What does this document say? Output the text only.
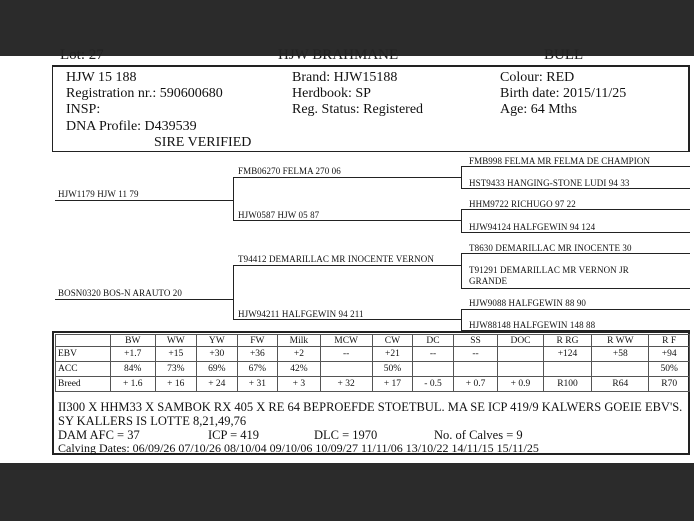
Lot: 27	HJW BRAHMANE	BULL
HJW 15 188
Registration nr.: 590600680
INSP:
DNA Profile: D439539
SIRE VERIFIED
Brand: HJW15188
Herdbook: SP
Reg. Status: Registered
Colour: RED
Birth date: 2015/11/25
Age: 64 Mths
HJW1179 HJW 11 79
FMB06270 FELMA 270 06
HJW0587 HJW 05 87
BOSN0320 BOS-N ARAUTO 20
T94412 DEMARILLAC MR INOCENTE VERNON
HJW94211 HALFGEWIN 94 211
FMB998 FELMA MR FELMA DE CHAMPION
HST9433 HANGING-STONE LUDI 94 33
HHM9722 RICHUGO 97 22
HJW94124 HALFGEWIN 94 124
T8630 DEMARILLAC MR INOCENTE 30
T91291 DEMARILLAC MR VERNON JR GRANDE
HJW9088 HALFGEWIN 88 90
HJW88148 HALFGEWIN 148 88
	BW	WW	YW	FW	Milk	MCW	CW	DC	SS	DOC	R RG	R WW	R F
EBV	+1.7	+15	+30	+36	+2	--	+21	--	--		+124	+58	+94
ACC	84%	73%	69%	67%	42%		50%						50%
Breed	+ 1.6	+ 16	+ 24	+ 31	+ 3	+ 32	+ 17	- 0.5	+ 0.7	+ 0.9	R100	R64	R70
II300 X HHM33 X SAMBOK RX 405 X RE 64 BEPROEFDE STOETBUL. MA SE ICP 419/9 KALWERS GOEIE EBV'S.
SY KALLERS IS LOTTE 8,21,49,76
DAM AFC = 37	ICP = 419	DLC = 1970	No. of Calves = 9
Calving Dates: 06/09/26 07/10/26 08/10/04 09/10/06 10/09/27 11/11/06 13/10/22 14/11/15 15/11/25
